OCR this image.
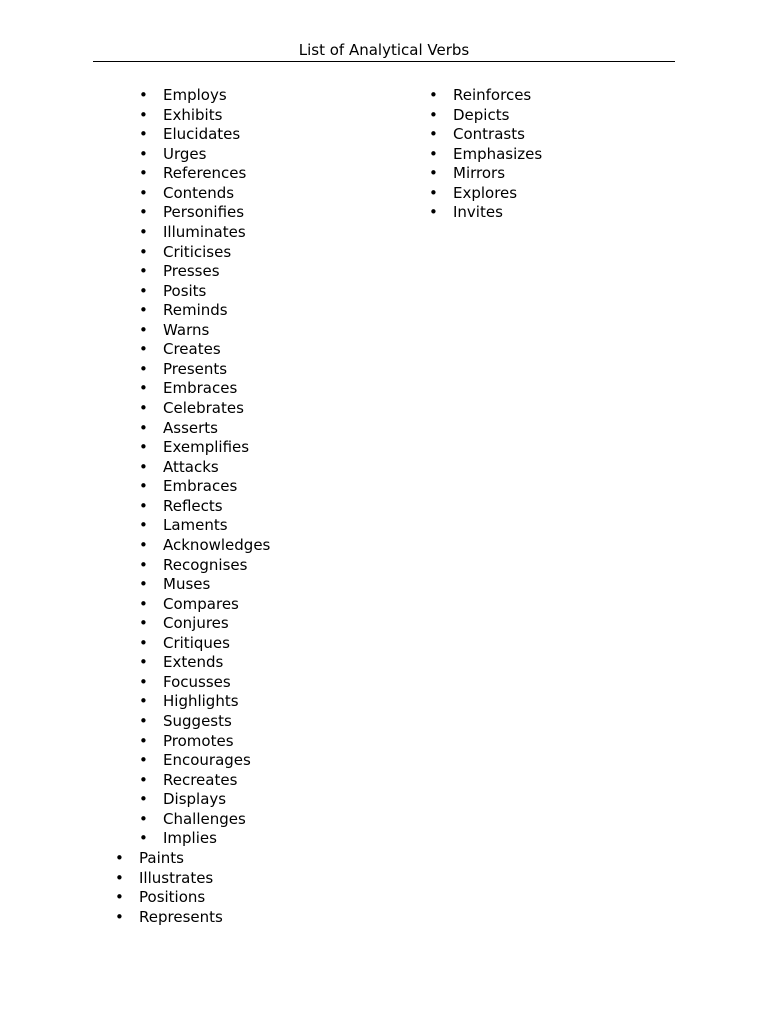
List of Analytical Verbs
• Employs
• Exhibits
• Elucidates
• Urges
• References
• Contends
• Personifies
• Illuminates
• Criticises
• Presses
• Posits
• Reminds
• Warns
• Creates
• Presents
• Embraces
• Celebrates
• Asserts
• Exemplifies
• Attacks
• Embraces
• Reflects
• Laments
• Acknowledges
• Recognises
• Muses
• Compares
• Conjures
• Critiques
• Extends
• Focusses
• Highlights
• Suggests
• Promotes
• Encourages
• Recreates
• Displays
• Challenges
• Implies
• Reinforces
• Depicts
• Contrasts
• Emphasizes
• Mirrors
• Explores
• Invites
• Paints
• Illustrates
• Positions
• Represents
